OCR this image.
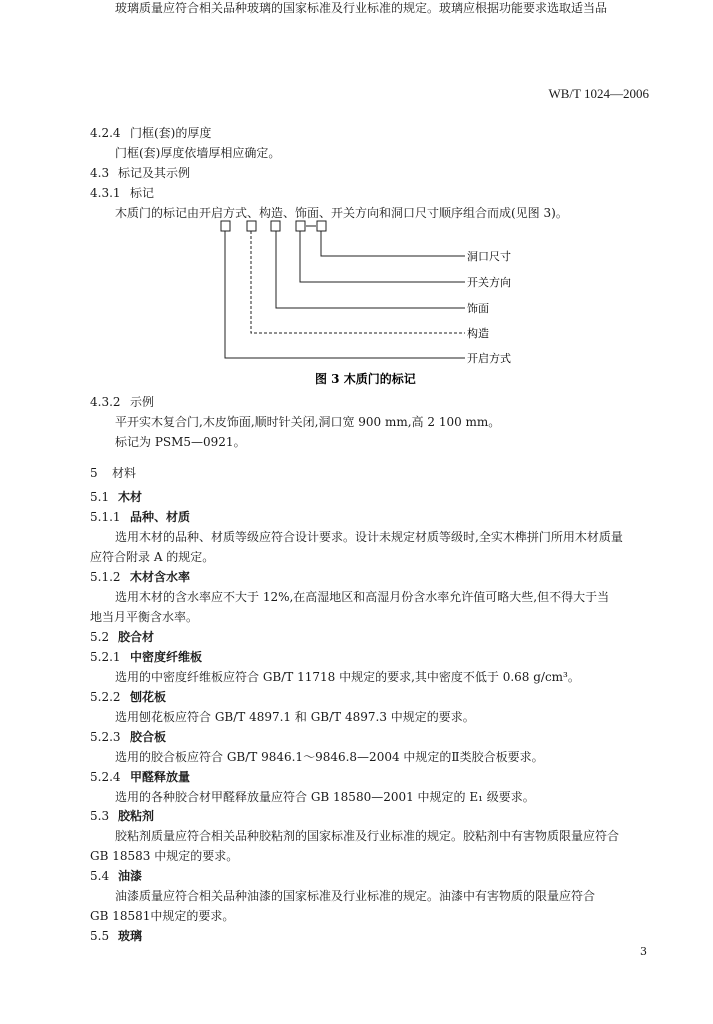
WB/T 1024—2006
4.2.4 门框(套)的厚度
门框(套)厚度依墙厚相应确定。
4.3 标记及其示例
4.3.1 标记
木质门的标记由开启方式、构造、饰面、开关方向和洞口尺寸顺序组合而成(见图 3)。
4.3.2 示例
平开实木复合门,木皮饰面,顺时针关闭,洞口宽 900 mm,高 2 100 mm。
标记为 PSM5—0921。
5 材料
5.1 木材
5.1.1 品种、材质
选用木材的品种、材质等级应符合设计要求。设计未规定材质等级时,全实木榫拼门所用木材质量
应符合附录 A 的规定。
5.1.2 木材含水率
选用木材的含水率应不大于 12%,在高湿地区和高湿月份含水率允许值可略大些,但不得大于当
地当月平衡含水率。
5.2 胶合材
5.2.1 中密度纤维板
选用的中密度纤维板应符合 GB/T 11718 中规定的要求,其中密度不低于 0.68 g/cm³。
5.2.2 刨花板
选用刨花板应符合 GB/T 4897.1 和 GB/T 4897.3 中规定的要求。
5.2.3 胶合板
选用的胶合板应符合 GB/T 9846.1～9846.8—2004 中规定的Ⅱ类胶合板要求。
5.2.4 甲醛释放量
选用的各种胶合材甲醛释放量应符合 GB 18580—2001 中规定的 E₁ 级要求。
5.3 胶粘剂
胶粘剂质量应符合相关品种胶粘剂的国家标准及行业标准的规定。胶粘剂中有害物质限量应符合
GB 18583 中规定的要求。
5.4 油漆
油漆质量应符合相关品种油漆的国家标准及行业标准的规定。油漆中有害物质的限量应符合
GB 18581中规定的要求。
5.5 玻璃
玻璃质量应符合相关品种玻璃的国家标准及行业标准的规定。玻璃应根据功能要求选取适当品
洞口尺寸
开关方向
饰面
构造
开启方式
图 3 木质门的标记
3
